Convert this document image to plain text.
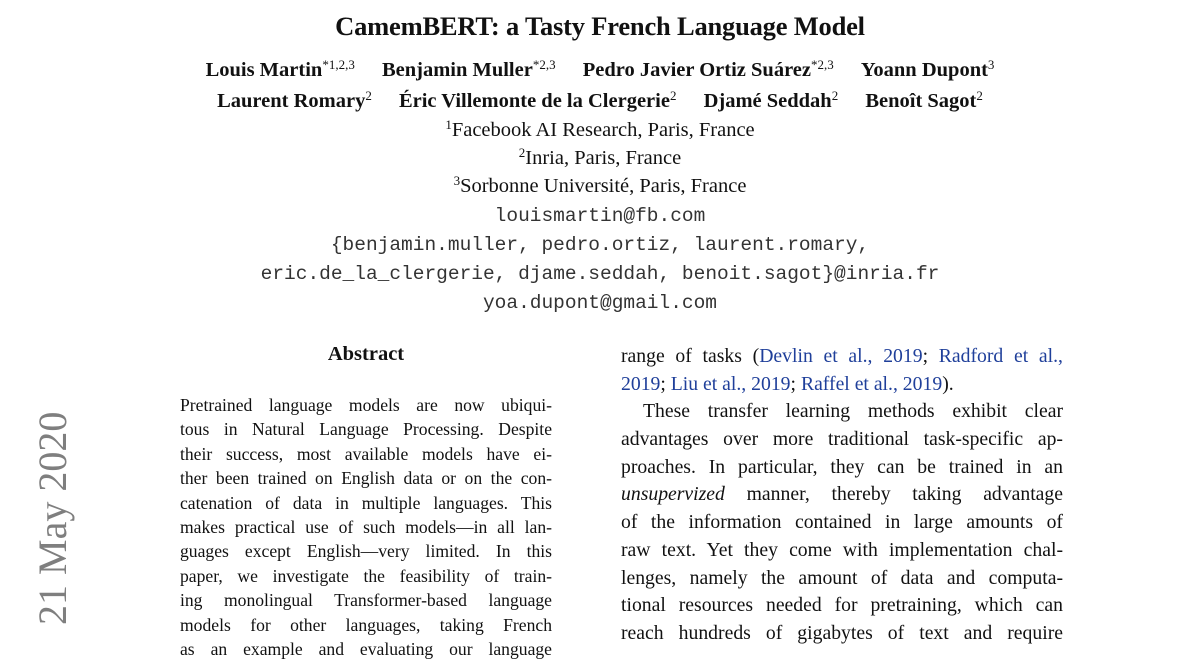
21 May 2020
CamemBERT: a Tasty French Language Model
Louis Martin$^{*1,2,3}$ Benjamin Muller$^{*2,3}$ Pedro Javier Ortiz Suárez$^{*2,3}$ Yoann Dupont$^3$
Laurent Romary$^2$ Éric Villemonte de la Clergerie$^2$ Djamé Seddah$^2$ Benoît Sagot$^2$
$^1$Facebook AI Research, Paris, France
$^2$Inria, Paris, France
$^3$Sorbonne Université, Paris, France
louismartin@fb.com
{benjamin.muller, pedro.ortiz, laurent.romary,
eric.de_la_clergerie, djame.seddah, benoit.sagot}@inria.fr
yoa.dupont@gmail.com
Abstract
Pretrained language models are now ubiqui-
tous in Natural Language Processing. Despite
their success, most available models have ei-
ther been trained on English data or on the con-
catenation of data in multiple languages. This
makes practical use of such models—in all lan-
guages except English—very limited. In this
paper, we investigate the feasibility of train-
ing monolingual Transformer-based language
models for other languages, taking French
as an example and evaluating our language
range of tasks (Devlin et al., 2019; Radford et al.,
2019; Liu et al., 2019; Raffel et al., 2019).
These transfer learning methods exhibit clear
advantages over more traditional task-specific ap-
proaches. In particular, they can be trained in an
unsupervized manner, thereby taking advantage
of the information contained in large amounts of
raw text. Yet they come with implementation chal-
lenges, namely the amount of data and computa-
tional resources needed for pretraining, which can
reach hundreds of gigabytes of text and require
